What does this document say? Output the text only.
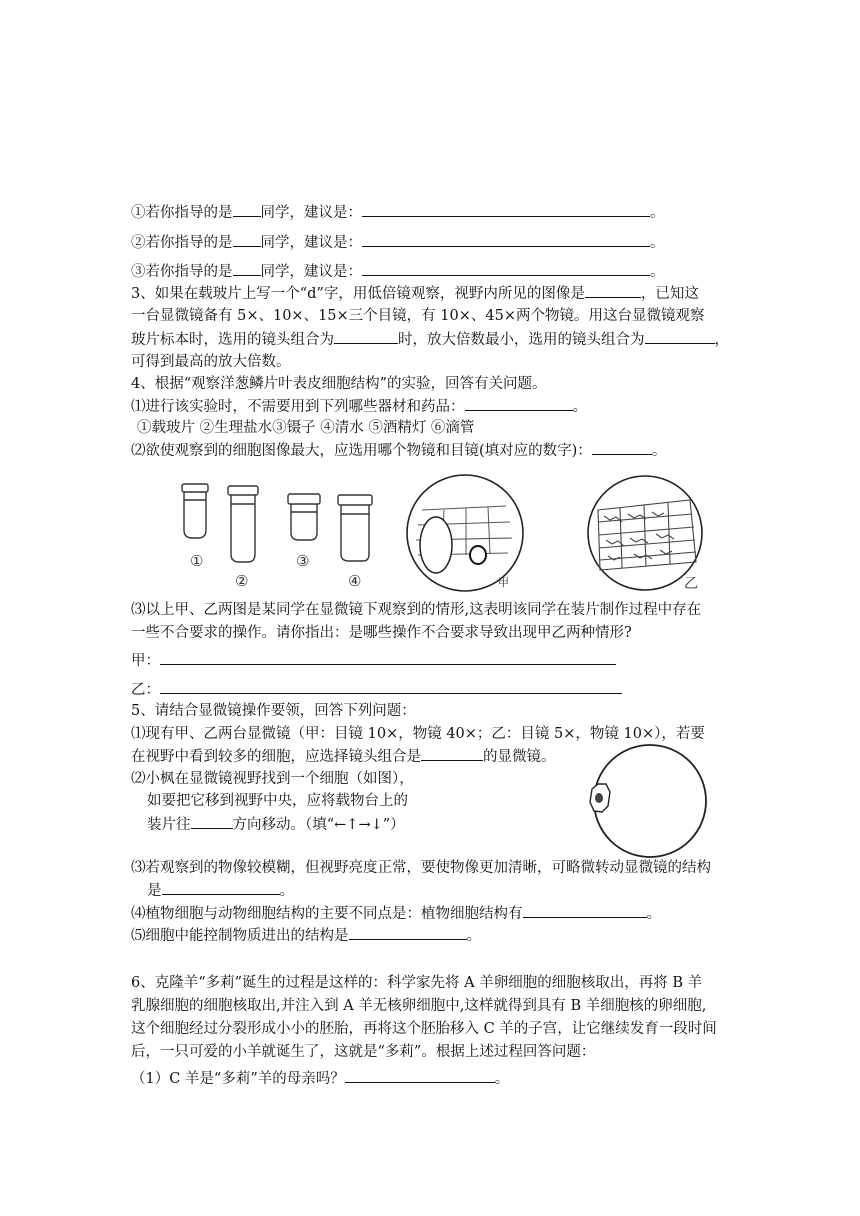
①若你指导的是 同学，建议是：	。
②若你指导的是 同学，建议是：	。
③若你指导的是 同学，建议是：	。
3、如果在载玻片上写一个“d”字，用低倍镜观察，视野内所见的图像是	，已知这
一台显微镜备有 5×、10×、15×三个目镜，有 10×、45×两个物镜。用这台显微镜观察
玻片标本时，选用的镜头组合为	时，放大倍数最小，选用的镜头组合为	，
可得到最高的放大倍数。
4、根据“观察洋葱鳞片叶表皮细胞结构”的实验，回答有关问题。
⑴进行该实验时，不需要用到下列哪些器材和药品：	。
①载玻片 ②生理盐水③镊子 ④清水 ⑤酒精灯 ⑥滴管
⑵欲使观察到的细胞图像最大，应选用哪个物镜和目镜(填对应的数字)：	。
①
②
③
④	甲	乙
⑶以上甲、乙两图是某同学在显微镜下观察到的情形,这表明该同学在装片制作过程中存在
一些不合要求的操作。请你指出：是哪些操作不合要求导致出现甲乙两种情形?
甲：
乙：
5、请结合显微镜操作要领，回答下列问题：
⑴现有甲、乙两台显微镜（甲：目镜 10×，物镜 40×；乙：目镜 5×，物镜 10×），若要
在视野中看到较多的细胞，应选择镜头组合是	的显微镜。
⑵小枫在显微镜视野找到一个细胞（如图），
如要把它移到视野中央，应将载物台上的
装片往	方向移动。（填“←↑→↓”）
⑶若观察到的物像较模糊，但视野亮度正常，要使物像更加清晰，可略微转动显微镜的结构
是	。
⑷植物细胞与动物细胞结构的主要不同点是：植物细胞结构有	。
⑸细胞中能控制物质进出的结构是	。
6、克隆羊“多莉”诞生的过程是这样的：科学家先将 A 羊卵细胞的细胞核取出，再将 B 羊
乳腺细胞的细胞核取出,并注入到 A 羊无核卵细胞中,这样就得到具有 B 羊细胞核的卵细胞,
这个细胞经过分裂形成小小的胚胎，再将这个胚胎移入 C 羊的子宫，让它继续发育一段时间
后，一只可爱的小羊就诞生了，这就是“多莉”。根据上述过程回答问题：
（1）C 羊是“多莉”羊的母亲吗？	。
